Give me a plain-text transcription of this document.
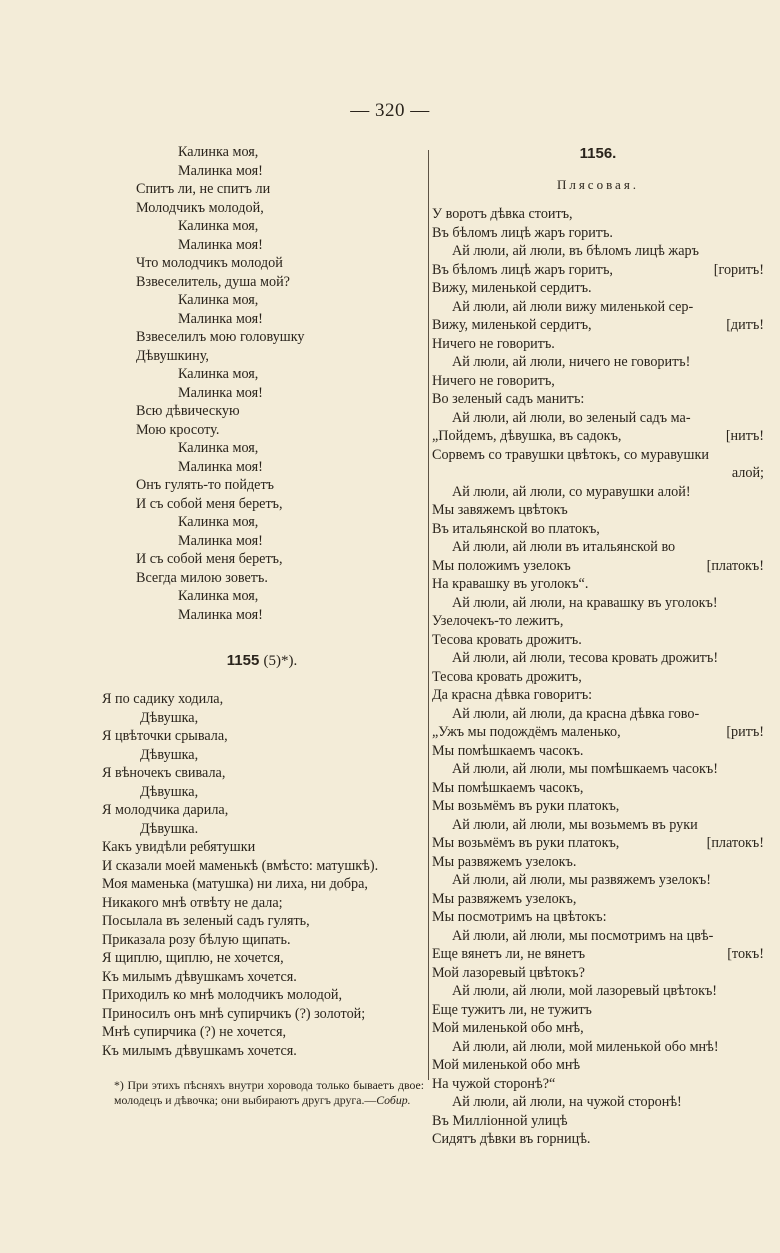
— 320 —
Калинка моя,
Малинка моя!
Спитъ ли, не спитъ ли
Молодчикъ молодой,
Калинка моя,
Малинка моя!
Что молодчикъ молодой
Взвеселитель, душа мой?
Калинка моя,
Малинка моя!
Взвеселилъ мою головушку
Дѣвушкину,
Калинка моя,
Малинка моя!
Всю дѣвическую
Мою кросоту.
Калинка моя,
Малинка моя!
Онъ гулять-то пойдетъ
И съ собой меня беретъ,
Калинка моя,
Малинка моя!
И съ собой меня беретъ,
Всегда милою зоветъ.
Калинка моя,
Малинка моя!
1155 (5)*).
Я по садику ходила,
Дѣвушка,
Я цвѣточки срывала,
Дѣвушка,
Я вѣночекъ свивала,
Дѣвушка,
Я молодчика дарила,
Дѣвушка.
Какъ увидѣли ребятушки
И сказали моей маменькѣ (вмѣсто: матушкѣ).
Моя маменька (матушка) ни лиха, ни добра,
Никакого мнѣ отвѣту не дала;
Посылала въ зеленый садъ гулять,
Приказала розу бѣлую щипать.
Я щиплю, щиплю, не хочется,
Къ милымъ дѣвушкамъ хочется.
Приходилъ ко мнѣ молодчикъ молодой,
Приносилъ онъ мнѣ супирчикъ (?) золотой;
Мнѣ супирчика (?) не хочется,
Къ милымъ дѣвушкамъ хочется.
*) При этихъ пѣсняхъ внутри хоровода только бываетъ двое: молодецъ и дѣвочка; они выбираютъ другъ друга.—Собир.
1156.
Плясовая.
У воротъ дѣвка стоитъ,
Въ бѣломъ лицѣ жаръ горитъ.
Ай люли, ай люли, въ бѣломъ лицѣ жаръ
Въ бѣломъ лицѣ жаръ горитъ,	[горитъ!
Вижу, миленькой сердитъ.
Ай люли, ай люли вижу миленькой сер-
Вижу, миленькой сердитъ,	[дитъ!
Ничего не говоритъ.
Ай люли, ай люли, ничего не говоритъ!
Ничего не говоритъ,
Во зеленый садъ манитъ:
Ай люли, ай люли, во зеленый садъ ма-
„Пойдемъ, дѣвушка, въ садокъ,	[нитъ!
Сорвемъ со травушки цвѣтокъ, со муравушки
алой;
Ай люли, ай люли, со муравушки алой!
Мы завяжемъ цвѣтокъ
Въ итальянской во платокъ,
Ай люли, ай люли въ итальянской во
Мы положимъ узелокъ	[платокъ!
На кравашку въ уголокъ“.
Ай люли, ай люли, на кравашку въ уголокъ!
Узелочекъ-то лежитъ,
Тесова кровать дрожитъ.
Ай люли, ай люли, тесова кровать дрожитъ!
Тесова кровать дрожитъ,
Да красна дѣвка говоритъ:
Ай люли, ай люли, да красна дѣвка гово-
„Ужъ мы подождёмъ маленько,	[ритъ!
Мы помѣшкаемъ часокъ.
Ай люли, ай люли, мы помѣшкаемъ часокъ!
Мы помѣшкаемъ часокъ,
Мы возьмёмъ въ руки платокъ,
Ай люли, ай люли, мы возьмемъ въ руки
Мы возьмёмъ въ руки платокъ,	[платокъ!
Мы развяжемъ узелокъ.
Ай люли, ай люли, мы развяжемъ узелокъ!
Мы развяжемъ узелокъ,
Мы посмотримъ на цвѣтокъ:
Ай люли, ай люли, мы посмотримъ на цвѣ-
Еще вянетъ ли, не вянетъ	[токъ!
Мой лазоревый цвѣтокъ?
Ай люли, ай люли, мой лазоревый цвѣтокъ!
Еще тужитъ ли, не тужитъ
Мой миленькой обо мнѣ,
Ай люли, ай люли, мой миленькой обо мнѣ!
Мой миленькой обо мнѣ
На чужой сторонѣ?“
Ай люли, ай люли, на чужой сторонѣ!
Въ Милліонной улицѣ
Сидятъ дѣвки въ горницѣ.
